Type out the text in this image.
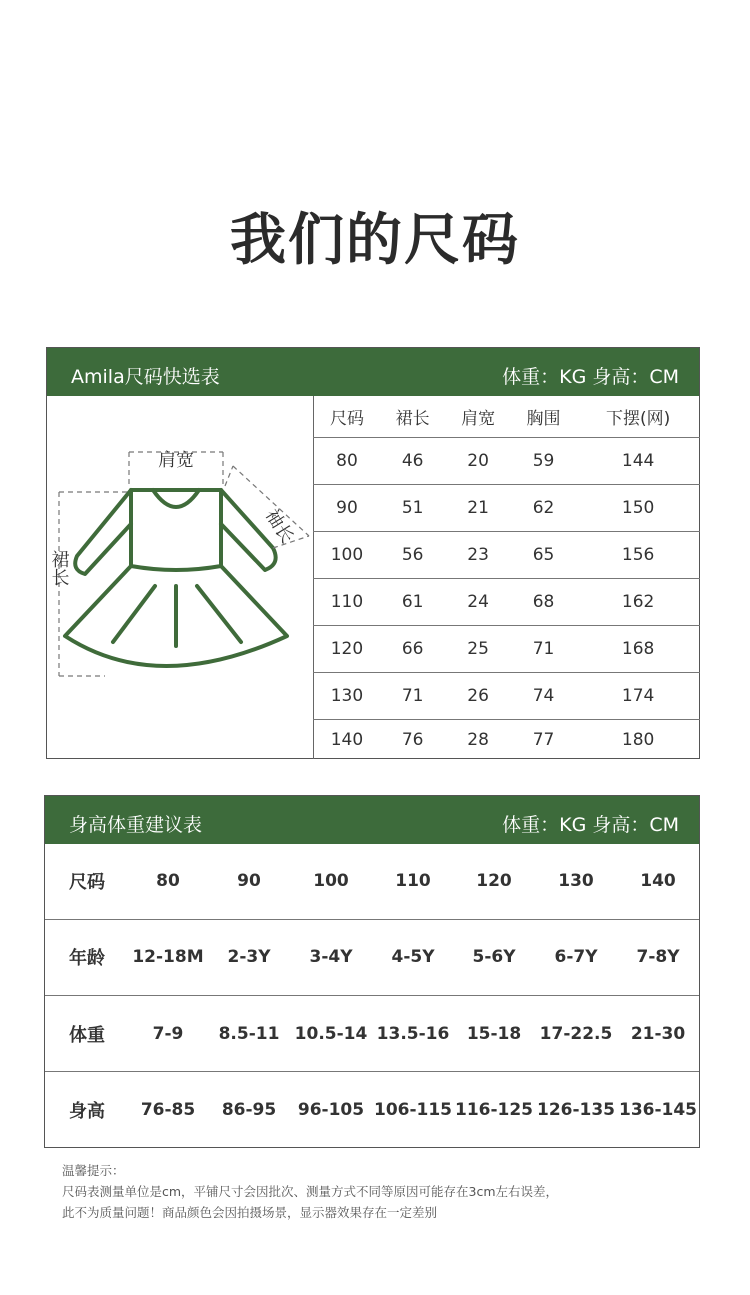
我们的尺码
Amila尺码快选表	体重：KG 身高：CM
肩宽
袖长
裙长
尺码	裙长	肩宽	胸围	下摆(网)
80	46	20	59	144
90	51	21	62	150
100	56	23	65	156
110	61	24	68	162
120	66	25	71	168
130	71	26	74	174
140	76	28	77	180
身高体重建议表	体重：KG 身高：CM
尺码	80	90	100	110	120	130	140
年龄	12-18M	2-3Y	3-4Y	4-5Y	5-6Y	6-7Y	7-8Y
体重	7-9	8.5-11	10.5-14	13.5-16	15-18	17-22.5	21-30
身高	76-85	86-95	96-105	106-115	116-125	126-135	136-145
温馨提示：
尺码表测量单位是cm，平铺尺寸会因批次、测量方式不同等原因可能存在3cm左右误差，
此不为质量问题！商品颜色会因拍摄场景，显示器效果存在一定差别
